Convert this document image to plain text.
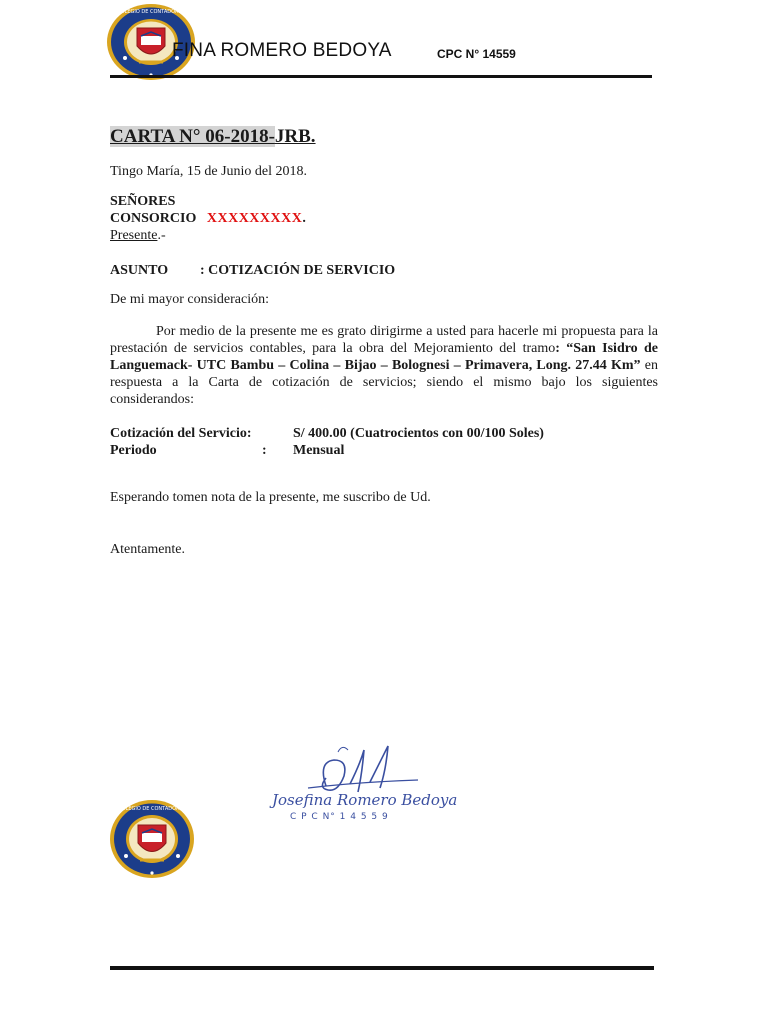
COLEGIO DE CONTADORES
FINA ROMERO BEDOYA	CPC N° 14559
CARTA N° 06-2018-JRB.
Tingo María, 15 de Junio del 2018.
SEÑORES
CONSORCIO XXXXXXXXX.
Presente.-
ASUNTO : COTIZACIÓN DE SERVICIO
De mi mayor consideración:
Por medio de la presente me es grato dirigirme a usted para hacerle mi propuesta para la prestación de servicios contables, para la obra del Mejoramiento del tramo: “San Isidro de Languemack- UTC Bambu – Colina – Bijao – Bolognesi – Primavera, Long. 27.44 Km” en respuesta a la Carta de cotización de servicios; siendo el mismo bajo los siguientes considerandos:
Cotización del Servicio:	S/ 400.00 (Cuatrocientos con 00/100 Soles)
Periodo	: Mensual
Esperando tomen nota de la presente, me suscribo de Ud.
Atentamente.
Josefina Romero Bedoya
C P C N° 1 4 5 5 9
COLEGIO DE CONTADORES
